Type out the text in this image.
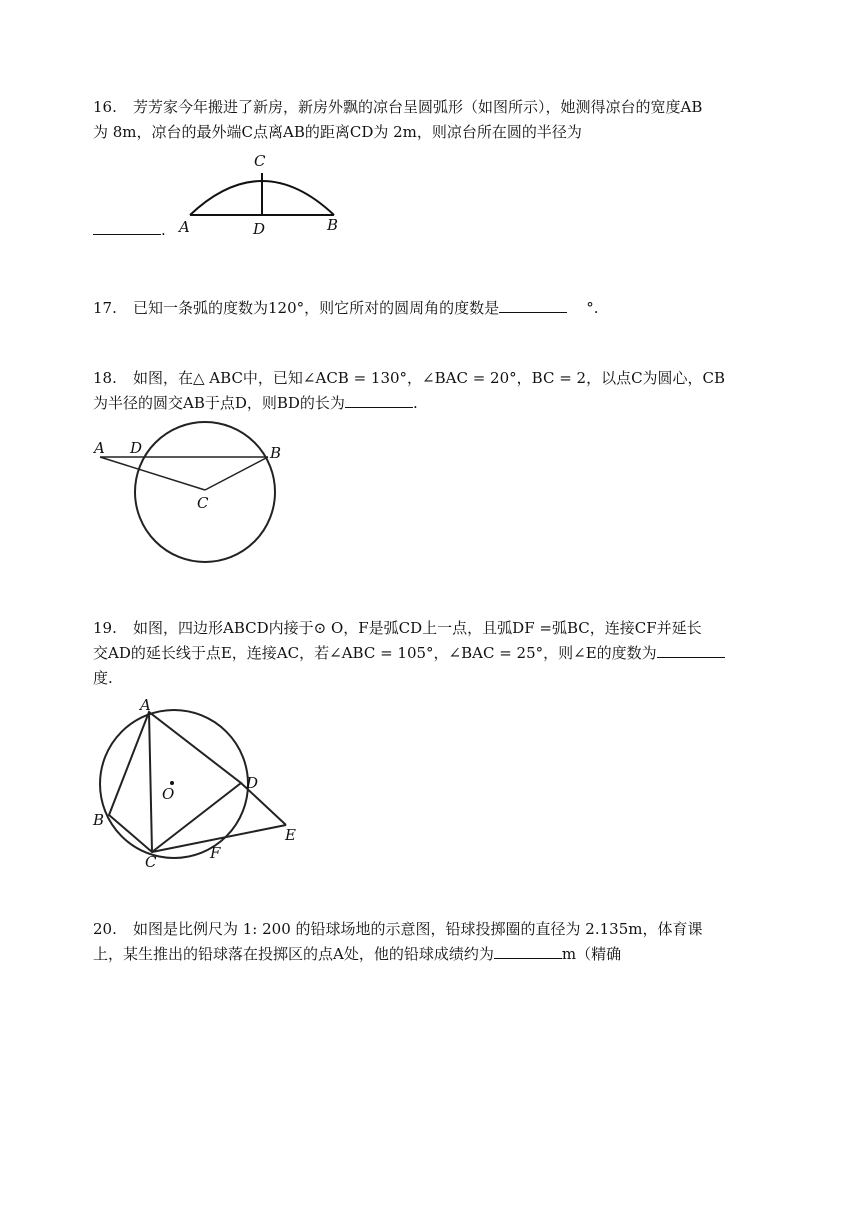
16. 芳芳家今年搬进了新房，新房外飘的凉台呈圆弧形（如图所示），她测得凉台的宽度AB
为 8m，凉台的最外端C点离AB的距离CD为 2m，则凉台所在圆的半径为
.
C
A	D	B
17. 已知一条弧的度数为120°，则它所对的圆周角的度数是	°.
18. 如图，在△ ABC中，已知∠ACB = 130°，∠BAC = 20°，BC = 2，以点C为圆心，CB
为半径的圆交AB于点D，则BD的长为	.
A D	B
C
19. 如图，四边形ABCD内接于⊙ O，F是弧CD上一点，且弧DF =弧BC，连接CF并延长
交AD的延长线于点E，连接AC，若∠ABC = 105°，∠BAC = 25°，则∠E的度数为
度.
A
O
D
B
E
F
C
20. 如图是比例尺为 1: 200 的铅球场地的示意图，铅球投掷圈的直径为 2.135m，体育课
上，某生推出的铅球落在投掷区的点A处，他的铅球成绩约为	m（精确
